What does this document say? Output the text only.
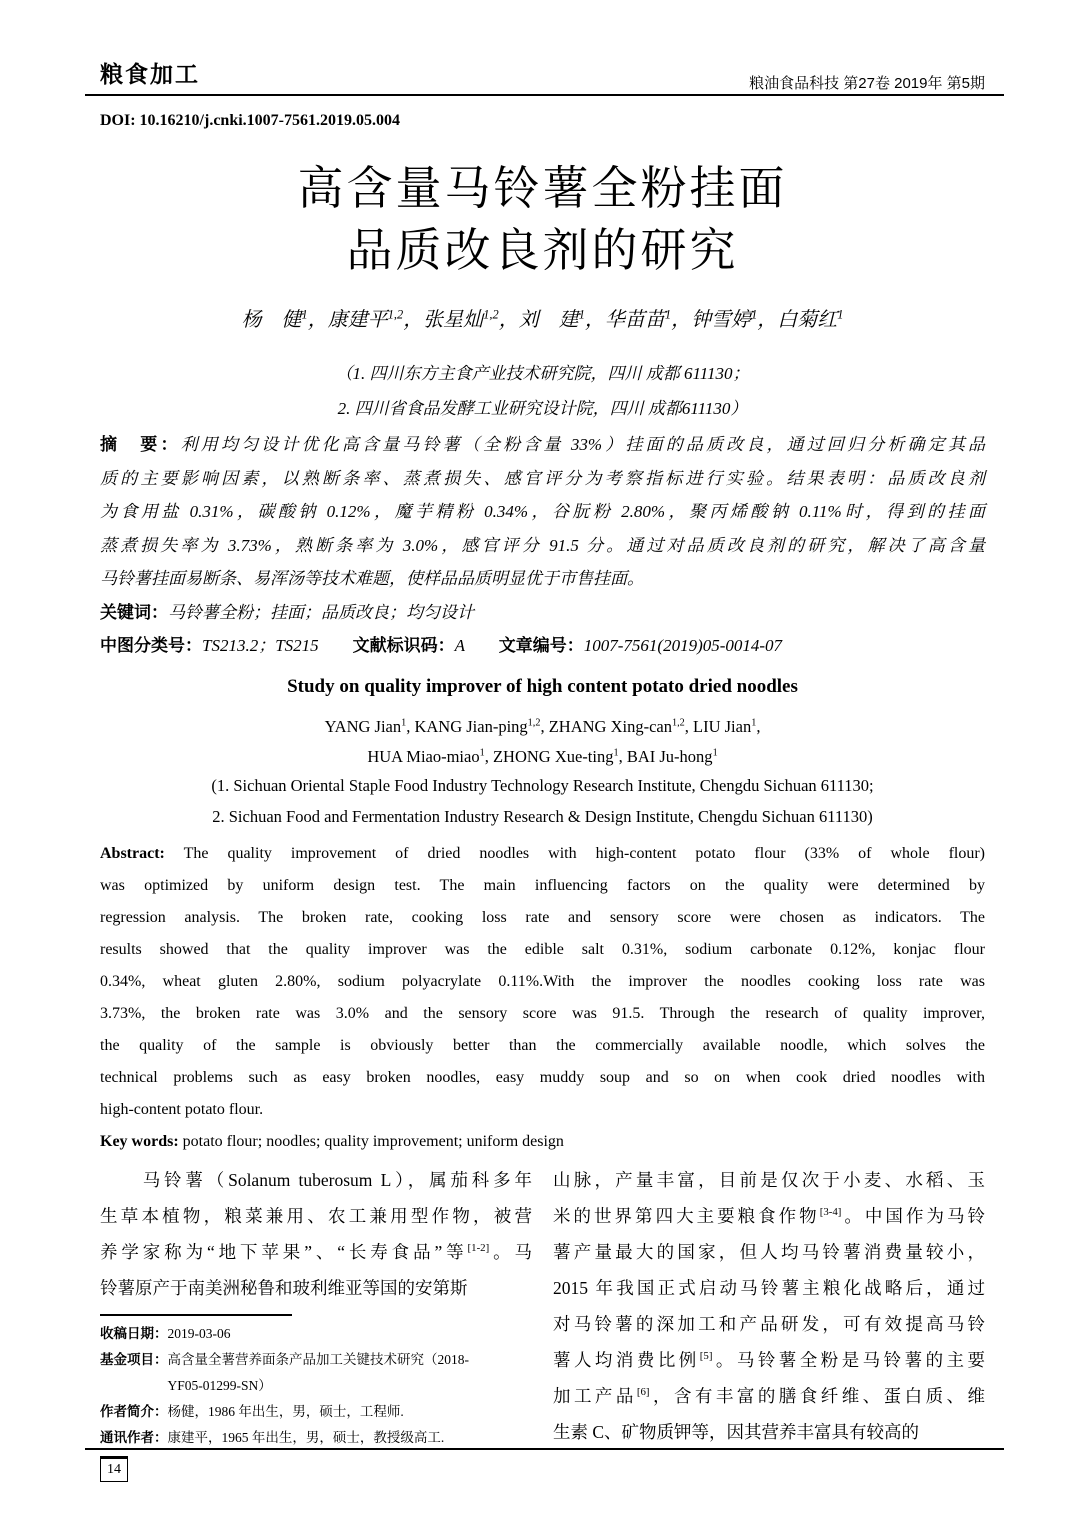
粮食加工	粮油食品科技 第27卷 2019年 第5期
DOI: 10.16210/j.cnki.1007-7561.2019.05.004
高含量马铃薯全粉挂面
品质改良剂的研究
杨　健$^1$，康建平$^{1,2}$，张星灿$^{1,2}$，刘　建$^1$，华苗苗$^1$，钟雪婷$^1$，白菊红$^1$
（1. 四川东方主食产业技术研究院，四川 成都 611130；
2. 四川省食品发酵工业研究设计院，四川 成都611130）
摘　要：利用均匀设计优化高含量马铃薯（全粉含量 33%）挂面的品质改良，通过回归分析确定其品
质的主要影响因素，以熟断条率、蒸煮损失、感官评分为考察指标进行实验。结果表明：品质改良剂
为食用盐 0.31%，碳酸钠 0.12%，魔芋精粉 0.34%，谷朊粉 2.80%，聚丙烯酸钠 0.11%时，得到的挂面
蒸煮损失率为 3.73%，熟断条率为 3.0%，感官评分 91.5 分。通过对品质改良剂的研究，解决了高含量
马铃薯挂面易断条、易浑汤等技术难题，使样品品质明显优于市售挂面。
关键词：马铃薯全粉；挂面；品质改良；均匀设计
中图分类号：TS213.2；TS215　　文献标识码：A　　文章编号：1007-7561(2019)05-0014-07
Study on quality improver of high content potato dried noodles
YANG Jian$^1$, KANG Jian-ping$^{1,2}$, ZHANG Xing-can$^{1,2}$, LIU Jian$^1$,
HUA Miao-miao$^1$, ZHONG Xue-ting$^1$, BAI Ju-hong$^1$
(1. Sichuan Oriental Staple Food Industry Technology Research Institute, Chengdu Sichuan 611130;
2. Sichuan Food and Fermentation Industry Research & Design Institute, Chengdu Sichuan 611130)
Abstract: The quality improvement of dried noodles with high-content potato flour (33% of whole flour)
was optimized by uniform design test. The main influencing factors on the quality were determined by
regression analysis. The broken rate, cooking loss rate and sensory score were chosen as indicators. The
results showed that the quality improver was the edible salt 0.31%, sodium carbonate 0.12%, konjac flour
0.34%, wheat gluten 2.80%, sodium polyacrylate 0.11%.With the improver the noodles cooking loss rate was
3.73%, the broken rate was 3.0% and the sensory score was 91.5. Through the research of quality improver,
the quality of the sample is obviously better than the commercially available noodle, which solves the
technical problems such as easy broken noodles, easy muddy soup and so on when cook dried noodles with
high-content potato flour.
Key words: potato flour; noodles; quality improvement; uniform design
　　马铃薯（Solanum tuberosum L），属茄科多年
生草本植物，粮菜兼用、农工兼用型作物，被营
养学家称为“地下苹果”、“长寿食品”等[1-2]。马
铃薯原产于南美洲秘鲁和玻利维亚等国的安第斯
收稿日期：2019-03-06
基金项目：高含量全薯营养面条产品加工关键技术研究（2018-
　　　　　YF05-01299-SN）
作者简介：杨健，1986 年出生，男，硕士，工程师.
通讯作者：康建平，1965 年出生，男，硕士，教授级高工.
山脉，产量丰富，目前是仅次于小麦、水稻、玉
米的世界第四大主要粮食作物[3-4]。中国作为马铃
薯产量最大的国家，但人均马铃薯消费量较小，
2015 年我国正式启动马铃薯主粮化战略后，通过
对马铃薯的深加工和产品研发，可有效提高马铃
薯人均消费比例[5]。马铃薯全粉是马铃薯的主要
加工产品[6]，含有丰富的膳食纤维、蛋白质、维
生素 C、矿物质钾等，因其营养丰富具有较高的
14
